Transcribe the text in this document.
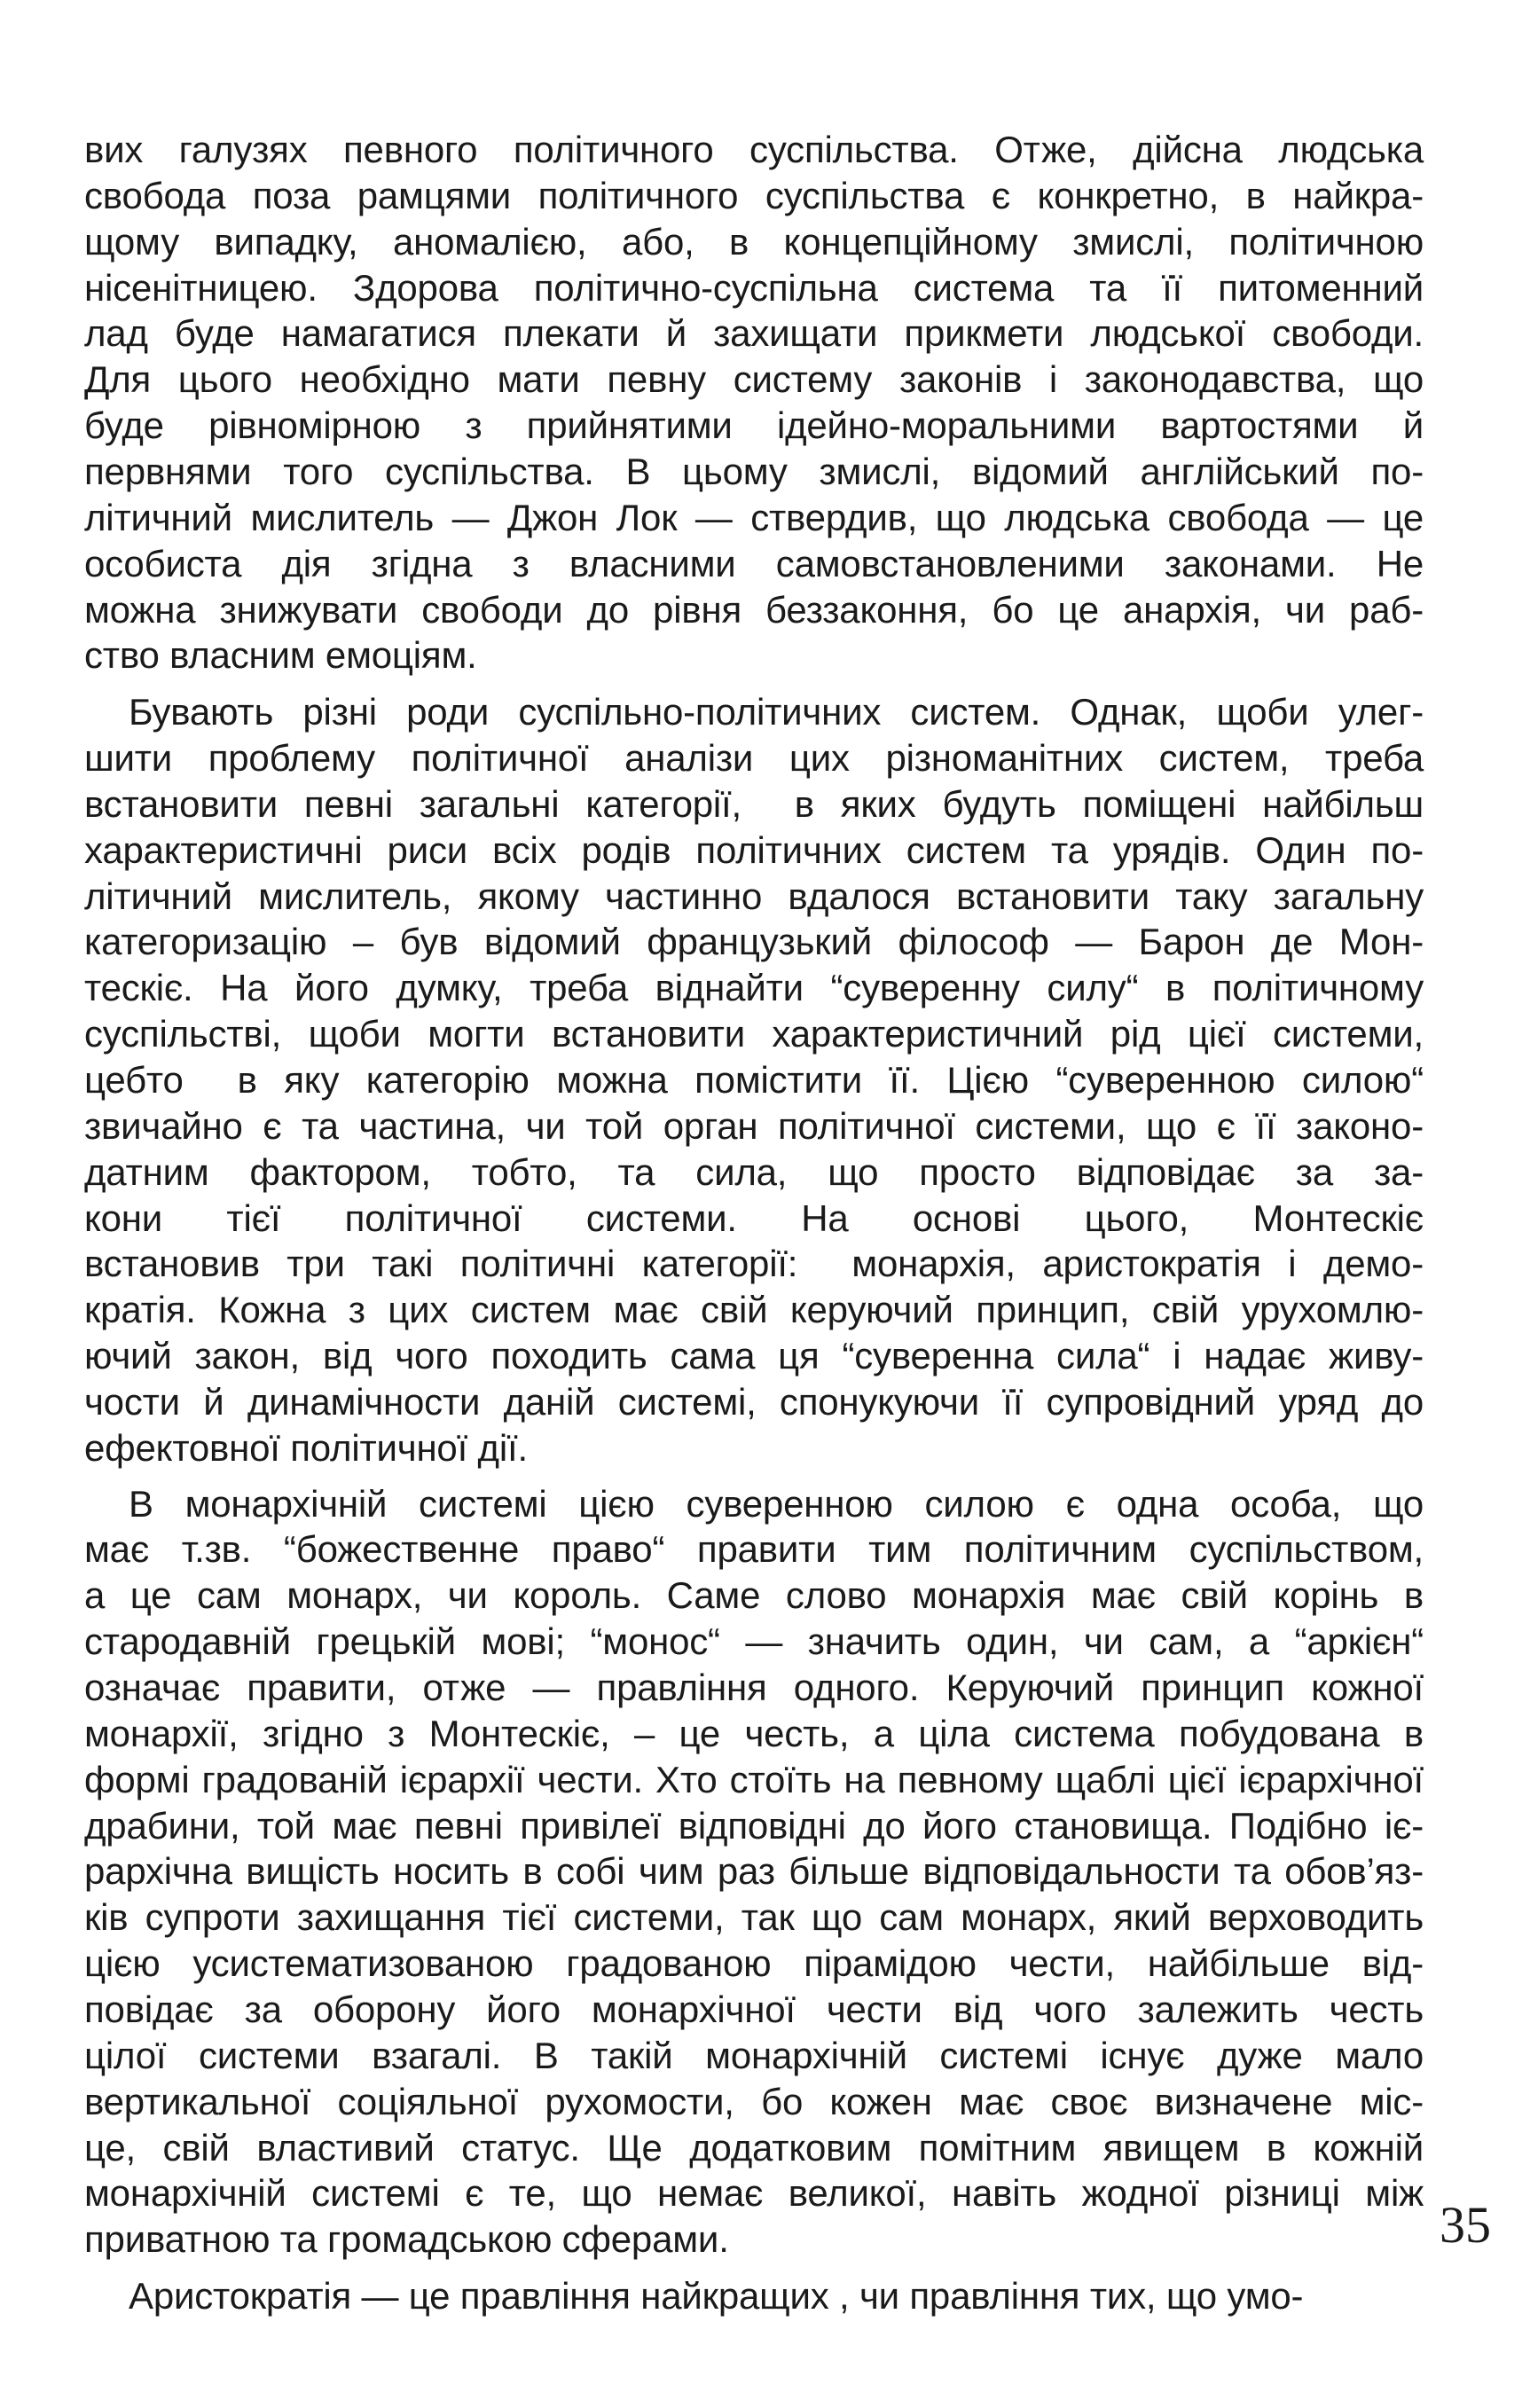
вих галузях певного політичного суспільства. Отже, дійсна людська
свобода поза рамцями політичного суспільства є конкретно, в найкра-
щому випадку, аномалією, або, в концепційному змислі, політичною
нісенітницею. Здорова політично-суспільна система та її питоменний
лад буде намагатися плекати й захищати прикмети людської свободи.
Для цього необхідно мати певну систему законів і законодавства, що
буде рівномірною з прийнятими ідейно-моральними вартостями й
первнями того суспільства. В цьому змислі, відомий англійський по-
літичний мислитель — Джон Лок — ствердив, що людська свобода — це
особиста дія згідна з власними самовстановленими законами. Не
можна знижувати свободи до рівня беззаконня, бо це анархія, чи раб-
ство власним емоціям.
Бувають різні роди суспільно-політичних систем. Однак, щоби улег-
шити проблему політичної аналізи цих різноманітних систем, треба
встановити певні загальні категорії,  в яких будуть поміщені найбільш
характеристичні риси всіх родів політичних систем та урядів. Один по-
літичний мислитель, якому частинно вдалося встановити таку загальну
категоризацію – був відомий французький філософ — Барон де Мон-
тескіє. На його думку, треба віднайти “суверенну силу“ в політичному
суспільстві, щоби могти встановити характеристичний рід цієї системи,
цебто  в яку категорію можна помістити її. Цією “суверенною силою“
звичайно є та частина, чи той орган політичної системи, що є її законо-
датним фактором, тобто, та сила, що просто відповідає за за-
кони тієї політичної системи. На основі цього, Монтескіє
встановив три такі політичні категорії:  монархія, аристократія і демо-
кратія. Кожна з цих систем має свій керуючий принцип, свій урухомлю-
ючий закон, від чого походить сама ця “суверенна сила“ і надає живу-
чости й динамічности даній системі, спонукуючи її супровідний уряд до
ефектовної політичної дії.
В монархічній системі цією суверенною силою є одна особа, що
має т.зв. “божественне право“ правити тим політичним суспільством,
а це сам монарх, чи король. Саме слово монархія має свій корінь в
стародавній грецькій мові; “монос“ — значить один, чи сам, а “аркієн“
означає правити, отже — правління одного. Керуючий принцип кожної
монархії, згідно з Монтескіє, – це честь, а ціла система побудована в
формі градованій ієрархії чести. Хто стоїть на певному щаблі цієї ієрархічної
драбини, той має певні привілеї відповідні до його становища. Подібно іє-
рархічна вищість носить в собі чим раз більше відповідальности та обов’яз-
ків супроти захищання тієї системи, так що сам монарх, який верховодить
цією усистематизованою градованою пірамідою чести, найбільше від-
повідає за оборону його монархічної чести від чого залежить честь
цілої системи взагалі. В такій монархічній системі існує дуже мало
вертикальної соціяльної рухомости, бо кожен має своє визначене міс-
це, свій властивий статус. Ще додатковим помітним явищем в кожній
монархічній системі є те, що немає великої, навіть жодної різниці між
приватною та громадською сферами.
Аристократія — це правління найкращих , чи правління тих, що умо-
35
